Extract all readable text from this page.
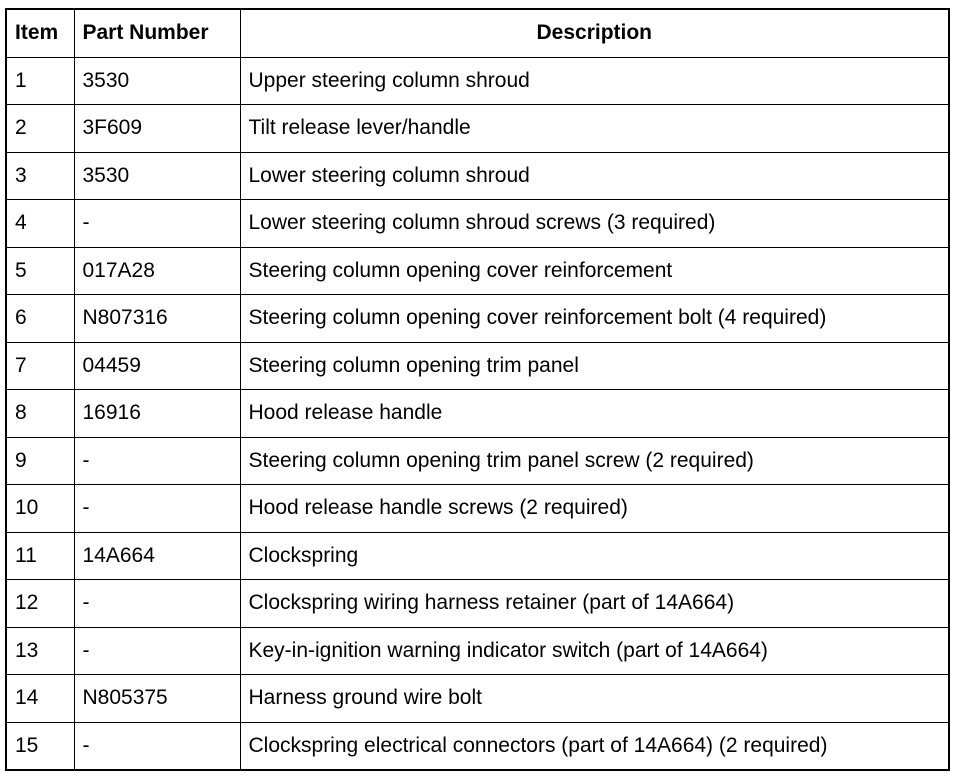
Item	Part Number	Description
1	3530	Upper steering column shroud
2	3F609	Tilt release lever/handle
3	3530	Lower steering column shroud
4	-	Lower steering column shroud screws (3 required)
5	017A28	Steering column opening cover reinforcement
6	N807316	Steering column opening cover reinforcement bolt (4 required)
7	04459	Steering column opening trim panel
8	16916	Hood release handle
9	-	Steering column opening trim panel screw (2 required)
10	-	Hood release handle screws (2 required)
11	14A664	Clockspring
12	-	Clockspring wiring harness retainer (part of 14A664)
13	-	Key-in-ignition warning indicator switch (part of 14A664)
14	N805375	Harness ground wire bolt
15	-	Clockspring electrical connectors (part of 14A664) (2 required)
